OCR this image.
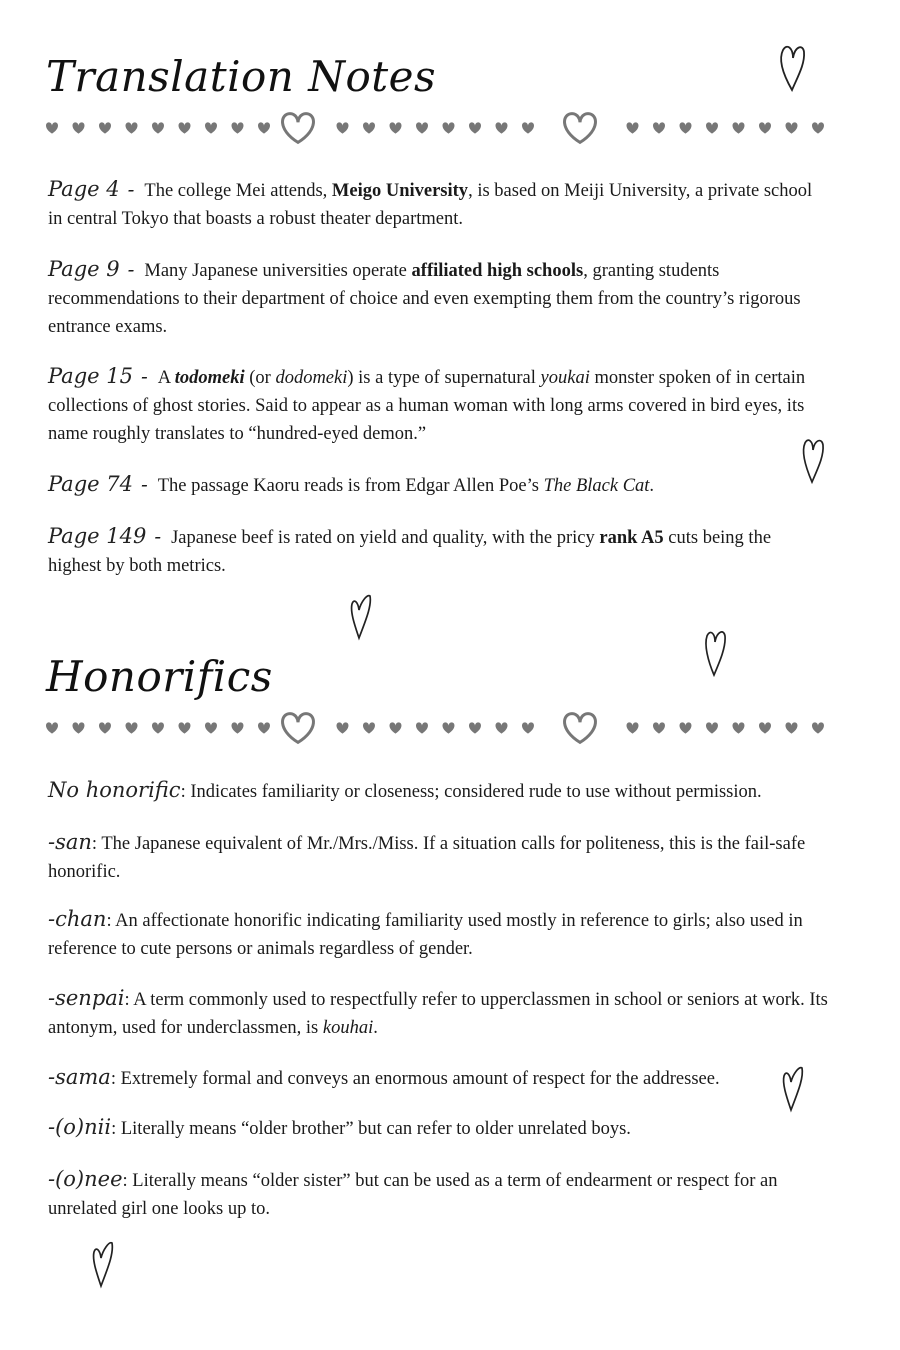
Translation Notes

Page 4 - The college Mei attends, Meigo University, is based on Meiji University, a private school in central Tokyo that boasts a robust theater department.

Page 9 - Many Japanese universities operate affiliated high schools, granting students recommendations to their department of choice and even exempting them from the country’s rigorous entrance exams.

Page 15 - A todomeki (or dodomeki) is a type of supernatural youkai monster spoken of in certain collections of ghost stories. Said to appear as a human woman with long arms covered in bird eyes, its name roughly translates to “hundred-eyed demon.”

Page 74 - The passage Kaoru reads is from Edgar Allen Poe’s The Black Cat.

Page 149 - Japanese beef is rated on yield and quality, with the pricy rank A5 cuts being the highest by both metrics.

Honorifics

No honorific: Indicates familiarity or closeness; considered rude to use without permission.

-san: The Japanese equivalent of Mr./Mrs./Miss. If a situation calls for politeness, this is the fail-safe honorific.

-chan: An affectionate honorific indicating familiarity used mostly in reference to girls; also used in reference to cute persons or animals regardless of gender.

-senpai: A term commonly used to respectfully refer to upperclassmen in school or seniors at work. Its antonym, used for underclassmen, is kouhai.

-sama: Extremely formal and conveys an enormous amount of respect for the addressee.

-(o)nii: Literally means “older brother” but can refer to older unrelated boys.

-(o)nee: Literally means “older sister” but can be used as a term of endearment or respect for an unrelated girl one looks up to.
